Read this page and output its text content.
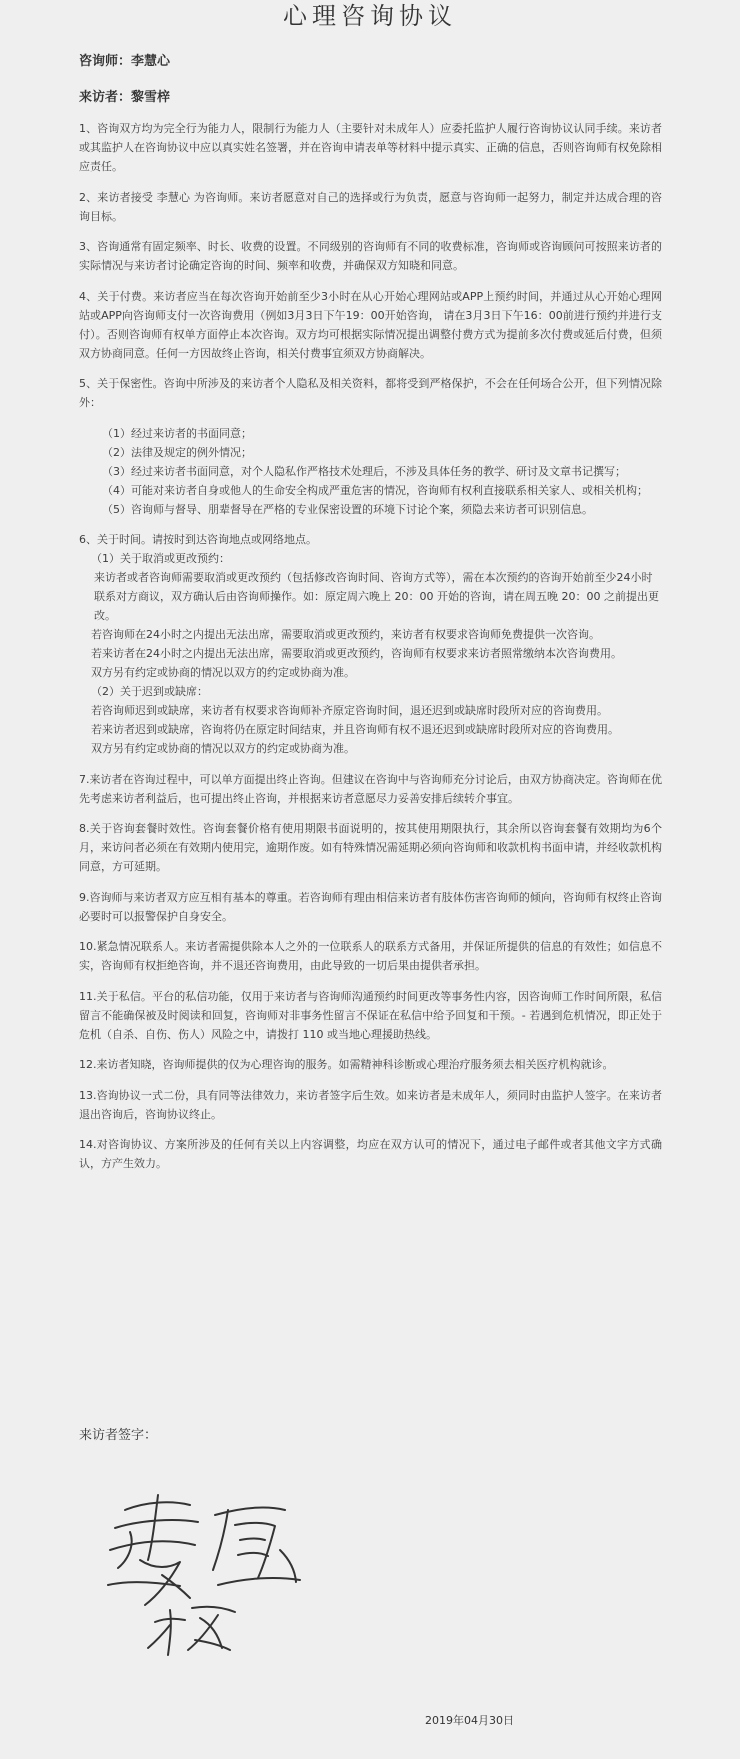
心理咨询协议
咨询师：李慧心
来访者：黎雪梓
1、咨询双方均为完全行为能力人，限制行为能力人（主要针对未成年人）应委托监护人履行咨询协议认同手续。来访者或其监护人在咨询协议中应以真实姓名签署，并在咨询申请表单等材料中提示真实、正确的信息，否则咨询师有权免除相应责任。
2、来访者接受 李慧心 为咨询师。来访者愿意对自己的选择或行为负责，愿意与咨询师一起努力，制定并达成合理的咨询目标。
3、咨询通常有固定频率、时长、收费的设置。不同级别的咨询师有不同的收费标准，咨询师或咨询顾问可按照来访者的实际情况与来访者讨论确定咨询的时间、频率和收费，并确保双方知晓和同意。
4、关于付费。来访者应当在每次咨询开始前至少3小时在从心开始心理网站或APP上预约时间，并通过从心开始心理网站或APP向咨询师支付一次咨询费用（例如3月3日下午19：00开始咨询， 请在3月3日下午16：00前进行预约并进行支付）。否则咨询师有权单方面停止本次咨询。双方均可根据实际情况提出调整付费方式为提前多次付费或延后付费，但须双方协商同意。任何一方因故终止咨询，相关付费事宜须双方协商解决。
5、关于保密性。咨询中所涉及的来访者个人隐私及相关资料，都将受到严格保护，不会在任何场合公开，但下列情况除外：
（1）经过来访者的书面同意；
（2）法律及规定的例外情况；
（3）经过来访者书面同意，对个人隐私作严格技术处理后，不涉及具体任务的教学、研讨及文章书记撰写；
（4）可能对来访者自身或他人的生命安全构成严重危害的情况，咨询师有权利直接联系相关家人、或相关机构；
（5）咨询师与督导、朋辈督导在严格的专业保密设置的环境下讨论个案，须隐去来访者可识别信息。
6、关于时间。请按时到达咨询地点或网络地点。
（1）关于取消或更改预约：
来访者或者咨询师需要取消或更改预约（包括修改咨询时间、咨询方式等），需在本次预约的咨询开始前至少24小时联系对方商议，双方确认后由咨询师操作。如：原定周六晚上 20：00 开始的咨询，请在周五晚 20：00 之前提出更改。
若咨询师在24小时之内提出无法出席，需要取消或更改预约，来访者有权要求咨询师免费提供一次咨询。
若来访者在24小时之内提出无法出席，需要取消或更改预约，咨询师有权要求来访者照常缴纳本次咨询费用。
双方另有约定或协商的情况以双方的约定或协商为准。
（2）关于迟到或缺席：
若咨询师迟到或缺席，来访者有权要求咨询师补齐原定咨询时间，退还迟到或缺席时段所对应的咨询费用。
若来访者迟到或缺席，咨询将仍在原定时间结束，并且咨询师有权不退还迟到或缺席时段所对应的咨询费用。
双方另有约定或协商的情况以双方的约定或协商为准。
7.来访者在咨询过程中，可以单方面提出终止咨询。但建议在咨询中与咨询师充分讨论后，由双方协商决定。咨询师在优先考虑来访者利益后，也可提出终止咨询，并根据来访者意愿尽力妥善安排后续转介事宜。
8.关于咨询套餐时效性。咨询套餐价格有使用期限书面说明的，按其使用期限执行，其余所以咨询套餐有效期均为6个月，来访问者必须在有效期内使用完，逾期作废。如有特殊情况需延期必须向咨询师和收款机构书面申请，并经收款机构同意，方可延期。
9.咨询师与来访者双方应互相有基本的尊重。若咨询师有理由相信来访者有肢体伤害咨询师的倾向，咨询师有权终止咨询必要时可以报警保护自身安全。
10.紧急情况联系人。来访者需提供除本人之外的一位联系人的联系方式备用，并保证所提供的信息的有效性；如信息不实，咨询师有权拒绝咨询，并不退还咨询费用，由此导致的一切后果由提供者承担。
11.关于私信。平台的私信功能，仅用于来访者与咨询师沟通预约时间更改等事务性内容，因咨询师工作时间所限，私信留言不能确保被及时阅读和回复，咨询师对非事务性留言不保证在私信中给予回复和干预。- 若遇到危机情况，即正处于危机（自杀、自伤、伤人）风险之中，请拨打 110 或当地心理援助热线。
12.来访者知晓，咨询师提供的仅为心理咨询的服务。如需精神科诊断或心理治疗服务须去相关医疗机构就诊。
13.咨询协议一式二份，具有同等法律效力，来访者签字后生效。如来访者是未成年人，须同时由监护人签字。在来访者退出咨询后，咨询协议终止。
14.对咨询协议、方案所涉及的任何有关以上内容调整，均应在双方认可的情况下，通过电子邮件或者其他文字方式确认，方产生效力。
来访者签字：
2019年04月30日
